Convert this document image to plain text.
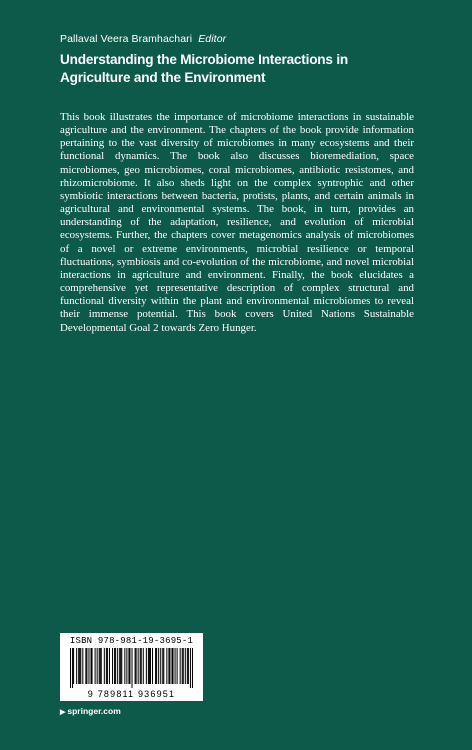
Pallaval Veera Bramhachari Editor
Understanding the Microbiome Interactions in Agriculture and the Environment

This book illustrates the importance of microbiome interactions in sustainable agriculture and the environment. The chapters of the book provide information pertaining to the vast diversity of microbiomes in many ecosystems and their functional dynamics. The book also discusses bioremediation, space microbiomes, geo microbiomes, coral microbiomes, antibiotic resistomes, and rhizomicrobiome. It also sheds light on the complex syntrophic and other symbiotic interactions between bacteria, protists, plants, and certain animals in agricultural and environmental systems. The book, in turn, provides an understanding of the adaptation, resilience, and evolution of microbial ecosystems. Further, the chapters cover metagenomics analysis of microbiomes of a novel or extreme environments, microbial resilience or temporal fluctuations, symbiosis and co-evolution of the microbiome, and novel microbial interactions in agriculture and environment. Finally, the book elucidates a comprehensive yet representative description of complex structural and functional diversity within the plant and environmental microbiomes to reveal their immense potential. This book covers United Nations Sustainable Developmental Goal 2 towards Zero Hunger.

ISBN 978-981-19-3695-1
9 789811 936951
▶ springer.com
